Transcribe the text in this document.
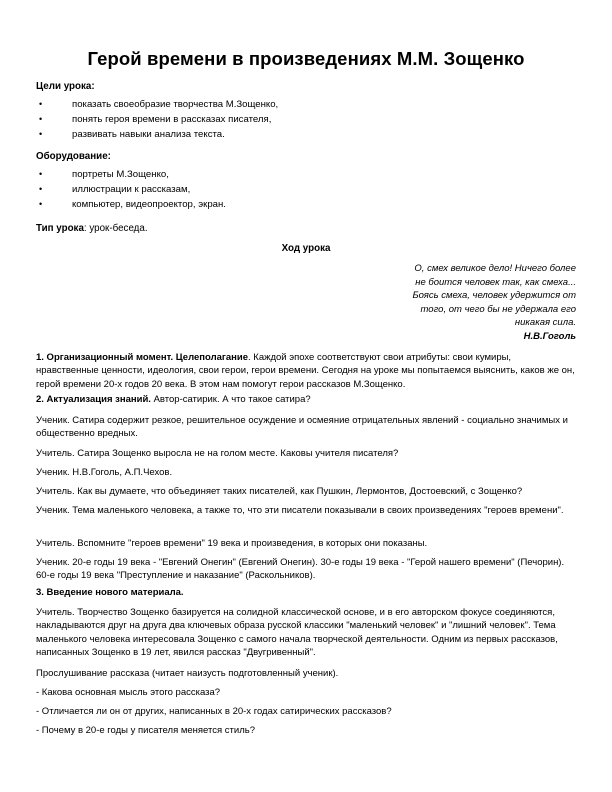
Герой времени в произведениях М.М. Зощенко
Цели урока:
• показать своеобразие творчества М.Зощенко,
• понять героя времени в рассказах писателя,
• развивать навыки анализа текста.
Оборудование:
• портреты М.Зощенко,
• иллюстрации к рассказам,
• компьютер, видеопроектор, экран.

Тип урока: урок-беседа.

Ход урока

О, смех великое дело! Ничего более
не боится человек так, как смеха...
Боясь смеха, человек удержится от
того, от чего бы не удержала его
никакая сила.

Н.В.Гоголь

1. Организационный момент. Целеполагание. Каждой эпохе соответствуют свои атрибуты: свои кумиры, нравственные ценности, идеология, свои герои, герои времени. Сегодня на уроке мы попытаемся выяснить, каков же он, герой времени 20-х годов 20 века. В этом нам помогут герои рассказов М.Зощенко.

2. Актуализация знаний. Автор-сатирик. А что такое сатира?

Ученик. Сатира содержит резкое, решительное осуждение и осмеяние отрицательных явлений - социально значимых и общественно вредных.

Учитель. Сатира Зощенко выросла не на голом месте. Каковы учителя писателя?

Ученик. Н.В.Гоголь, А.П.Чехов.

Учитель. Как вы думаете, что объединяет таких писателей, как Пушкин, Лермонтов, Достоевский, с Зощенко?

Ученик. Тема маленького человека, а также то, что эти писатели показывали в своих произведениях "героев времени".

Учитель. Вспомните "героев времени" 19 века и произведения, в которых они показаны.

Ученик. 20-е годы 19 века - "Евгений Онегин" (Евгений Онегин). 30-е годы 19 века - "Герой нашего времени" (Печорин). 60-е годы 19 века "Преступление и наказание" (Раскольников).

3. Введение нового материала.

Учитель. Творчество Зощенко базируется на солидной классической основе, и в его авторском фокусе соединяются, накладываются друг на друга два ключевых образа русской классики "маленький человек" и "лишний человек". Тема маленького человека интересовала Зощенко с самого начала творческой деятельности. Одним из первых рассказов, написанных Зощенко в 19 лет, явился рассказ "Двугривенный".

Прослушивание рассказа (читает наизусть подготовленный ученик).

- Какова основная мысль этого рассказа?

- Отличается ли он от других, написанных в 20-х годах сатирических рассказов?

- Почему в 20-е годы у писателя меняется стиль?
